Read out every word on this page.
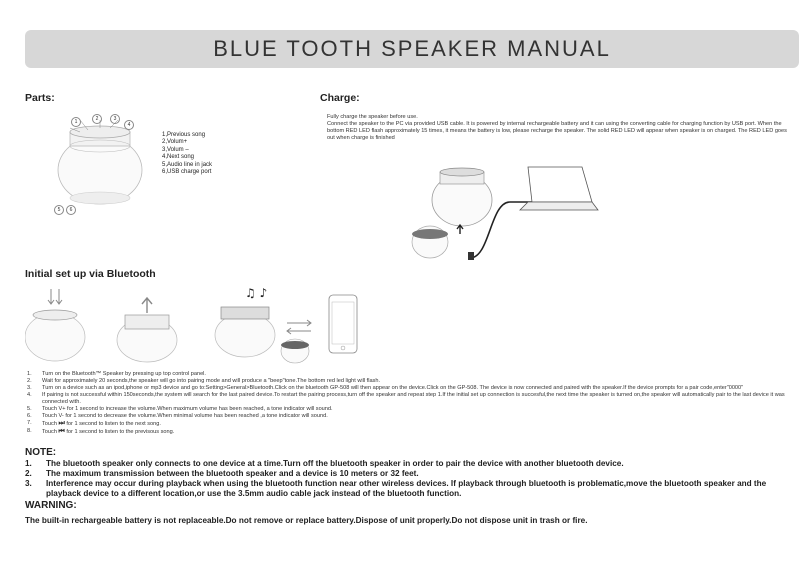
BLUE TOOTH SPEAKER MANUAL
Parts:
1	2	3
4
5	6
1,Previous song
2,Volum+
3,Volum –
4,Next song
5,Audio line in jack
6,USB charge port
Charge:

Fully charge the speaker before use.

Connect the speaker to the PC via provided USB cable. It is powered by internal rechargeable battery and it can using the converting cable for charging function by USB port. When the bottom RED LED flash approximately 15 times, it means the battery is low, please recharge the speaker. The solid RED LED will appear when speaker is on charged. The RED LED goes out when charge is finished

Initial set up via Bluetooth
♫ ♪
1.	Turn on the Bluetooth™ Speaker by pressing up top control panel.
2.	Wait for approximately 20 seconds,the speaker will go into pairing mode and will produce a "beep"tone.The bottom red led light will flash.
3.	Turn on a device such as an ipod,iphone or mp3 device and go to:Setting>General>Bluetooth.Click on the bluetooth GP-508 will then appear on the device.Click on the GP-508. The device is now connected and paired with the speaker.If the device prompts for a pair code,enter"0000"
4.	If pairing is not successful within 150seconds,the system will search for the last paired device.To restart the pairing process,turn off the speaker and repeat step 1.If the initial set up connection is succesful,the next time the speaker is turned on,the speaker will automatically pair to the last device it was connected with.
5.	Touch V+ for 1 second to increase the volume.When maximum volume has been reached, a tone indicator will sound.
6.	Touch V- for 1 second to decrease the volume.When minimal volume has been reached ,a tone indicator will sound.
7.	Touch ⏭ for 1 second to listen to the next song.
8.	Touch ⏮ for 1 second to listen to the previsous song.
NOTE:
1.	The bluetooth speaker only connects to one device at a time.Turn off the bluetooth speaker in order to pair the device with another bluetooth device.
2.	The maximum transmission between the bluetooth speaker and a device is 10 meters or 32 feet.
3.	Interference may occur during playback when using the bluetooth function near other wireless devices. If playback through bluetooth is problematic,move the bluetooth speaker and the playback device to a different location,or use the 3.5mm audio cable jack instead of the bluetooth function.
WARNING:
The built-in rechargeable battery is not replaceable.Do not remove or replace battery.Dispose of unit properly.Do not dispose unit in trash or fire.
